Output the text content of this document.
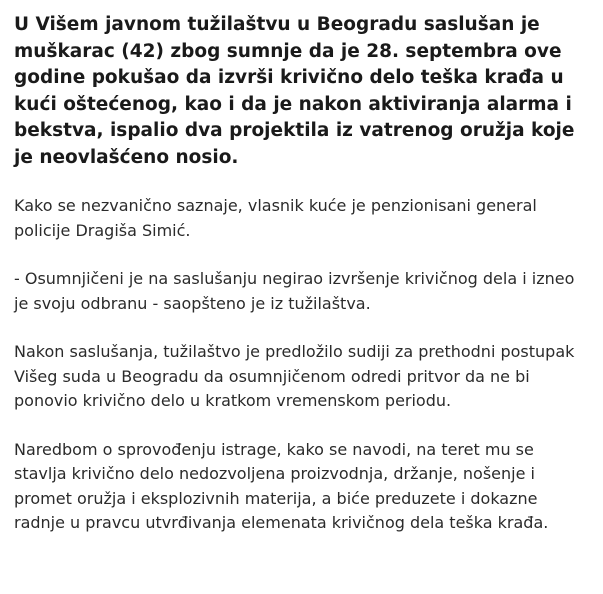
U Višem javnom tužilaštvu u Beogradu saslušan je muškarac (42) zbog sumnje da je 28. septembra ove godine pokušao da izvrši krivično delo teška krađa u kući oštećenog, kao i da je nakon aktiviranja alarma i bekstva, ispalio dva projektila iz vatrenog oružja koje je neovlašćeno nosio.

Kako se nezvanično saznaje, vlasnik kuće je penzionisani general policije Dragiša Simić.

- Osumnjičeni je na saslušanju negirao izvršenje krivičnog dela i izneo je svoju odbranu - saopšteno je iz tužilaštva.

Nakon saslušanja, tužilaštvo je predložilo sudiji za prethodni postupak Višeg suda u Beogradu da osumnjičenom odredi pritvor da ne bi ponovio krivično delo u kratkom vremenskom periodu.

Naredbom o sprovođenju istrage, kako se navodi, na teret mu se stavlja krivično delo nedozvoljena proizvodnja, držanje, nošenje i promet oružja i eksplozivnih materija, a biće preduzete i dokazne radnje u pravcu utvrđivanja elemenata krivičnog dela teška krađa.
